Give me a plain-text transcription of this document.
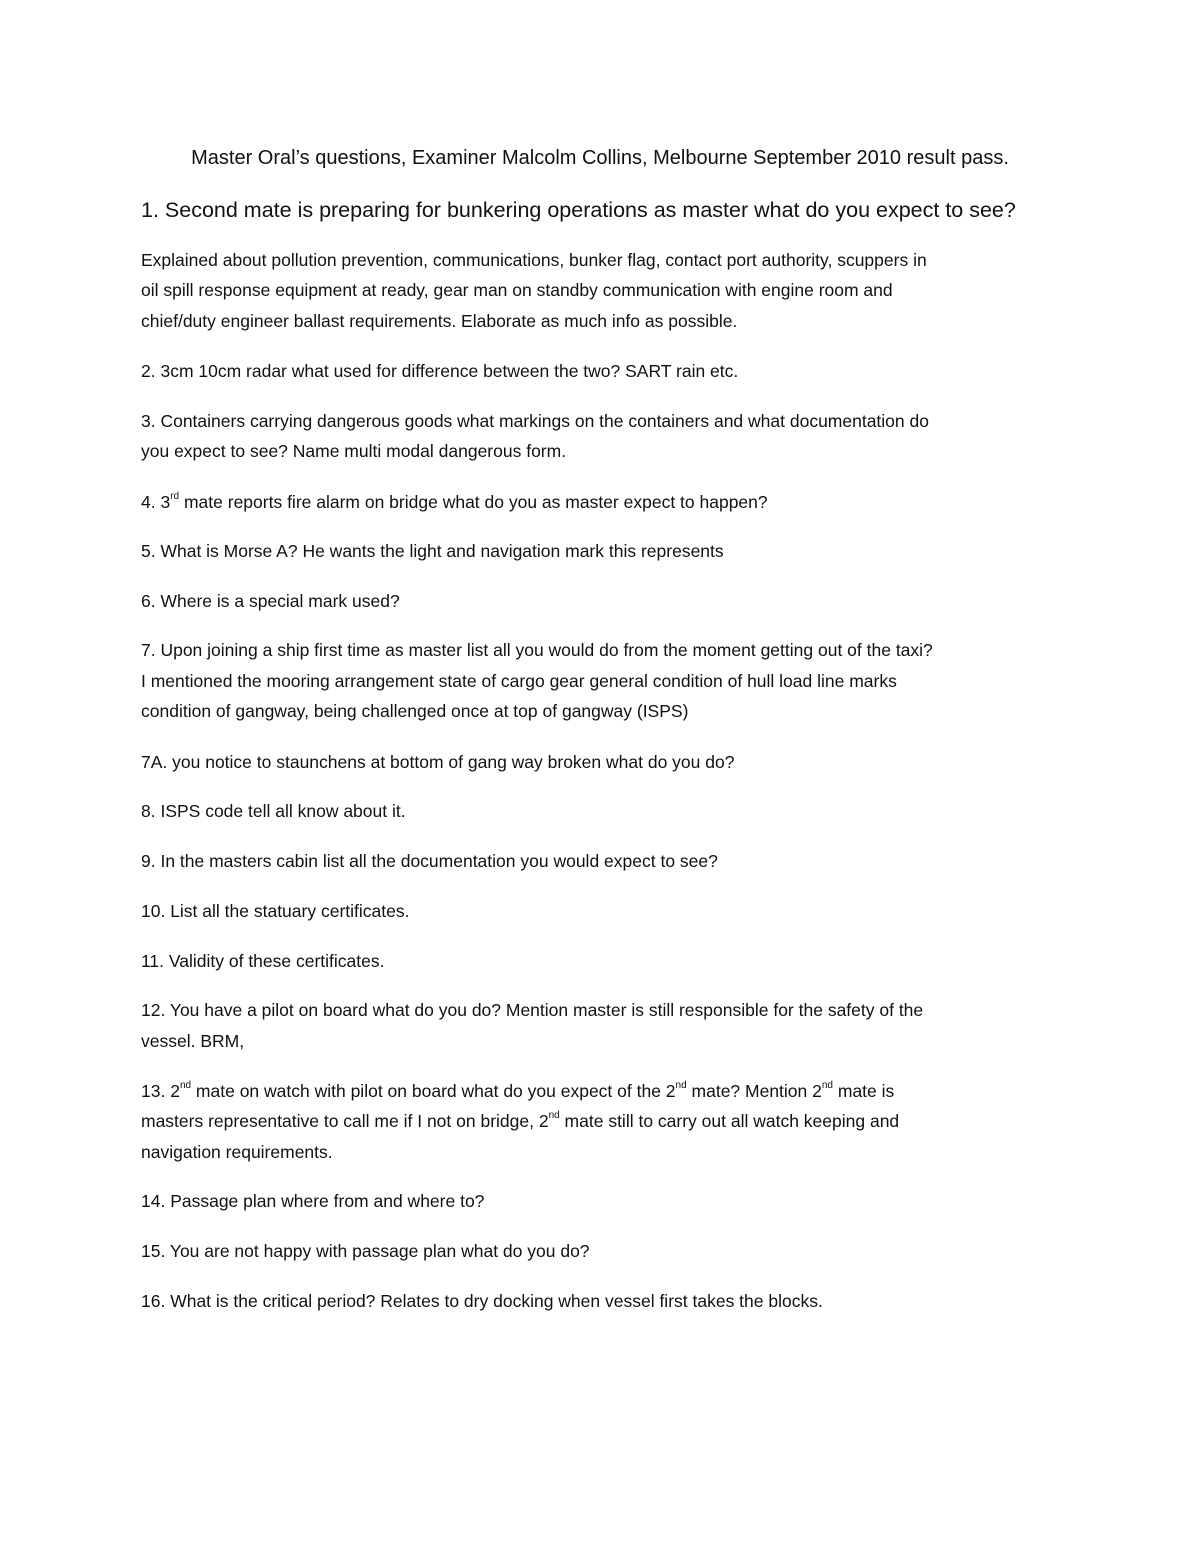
Master Oral’s questions, Examiner Malcolm Collins, Melbourne September 2010 result pass.
1. Second mate is preparing for bunkering operations as master what do you expect to see?
Explained about pollution prevention, communications, bunker flag, contact port authority, scuppers in
oil spill response equipment at ready, gear man on standby communication with engine room and
chief/duty engineer ballast requirements. Elaborate as much info as possible.
2. 3cm 10cm radar what used for difference between the two? SART rain etc.
3. Containers carrying dangerous goods what markings on the containers and what documentation do
you expect to see? Name multi modal dangerous form.
4. 3rd mate reports fire alarm on bridge what do you as master expect to happen?
5. What is Morse A? He wants the light and navigation mark this represents
6. Where is a special mark used?
7. Upon joining a ship first time as master list all you would do from the moment getting out of the taxi?
I mentioned the mooring arrangement state of cargo gear general condition of hull load line marks
condition of gangway, being challenged once at top of gangway (ISPS)
7A. you notice to staunchens at bottom of gang way broken what do you do?
8. ISPS code tell all know about it.
9. In the masters cabin list all the documentation you would expect to see?
10. List all the statuary certificates.
11. Validity of these certificates.
12. You have a pilot on board what do you do? Mention master is still responsible for the safety of the
vessel. BRM,
13. 2nd mate on watch with pilot on board what do you expect of the 2nd mate? Mention 2nd mate is
masters representative to call me if I not on bridge, 2nd mate still to carry out all watch keeping and
navigation requirements.
14. Passage plan where from and where to?
15. You are not happy with passage plan what do you do?
16. What is the critical period? Relates to dry docking when vessel first takes the blocks.
